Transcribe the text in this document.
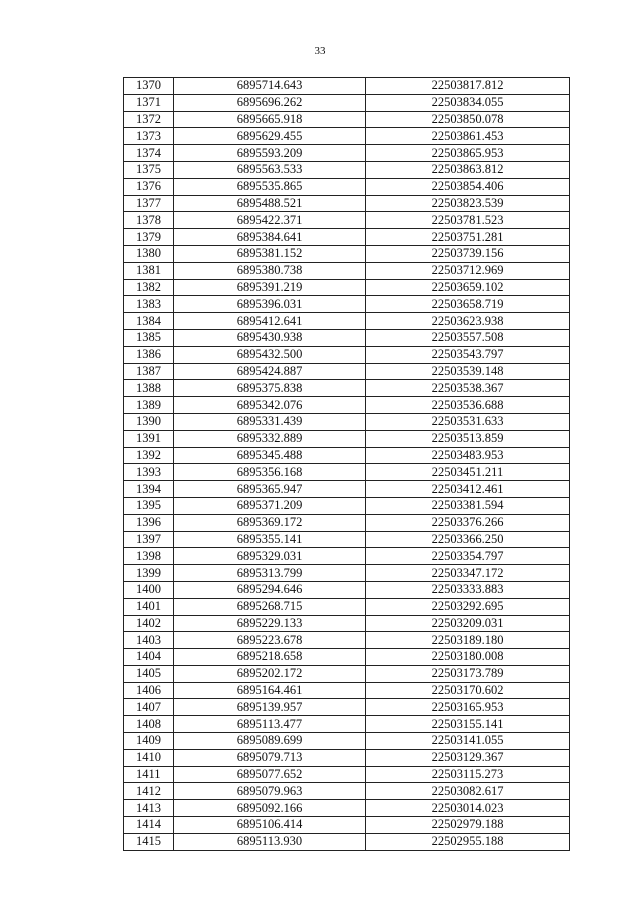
33
1370	6895714.643	22503817.812
1371	6895696.262	22503834.055
1372	6895665.918	22503850.078
1373	6895629.455	22503861.453
1374	6895593.209	22503865.953
1375	6895563.533	22503863.812
1376	6895535.865	22503854.406
1377	6895488.521	22503823.539
1378	6895422.371	22503781.523
1379	6895384.641	22503751.281
1380	6895381.152	22503739.156
1381	6895380.738	22503712.969
1382	6895391.219	22503659.102
1383	6895396.031	22503658.719
1384	6895412.641	22503623.938
1385	6895430.938	22503557.508
1386	6895432.500	22503543.797
1387	6895424.887	22503539.148
1388	6895375.838	22503538.367
1389	6895342.076	22503536.688
1390	6895331.439	22503531.633
1391	6895332.889	22503513.859
1392	6895345.488	22503483.953
1393	6895356.168	22503451.211
1394	6895365.947	22503412.461
1395	6895371.209	22503381.594
1396	6895369.172	22503376.266
1397	6895355.141	22503366.250
1398	6895329.031	22503354.797
1399	6895313.799	22503347.172
1400	6895294.646	22503333.883
1401	6895268.715	22503292.695
1402	6895229.133	22503209.031
1403	6895223.678	22503189.180
1404	6895218.658	22503180.008
1405	6895202.172	22503173.789
1406	6895164.461	22503170.602
1407	6895139.957	22503165.953
1408	6895113.477	22503155.141
1409	6895089.699	22503141.055
1410	6895079.713	22503129.367
1411	6895077.652	22503115.273
1412	6895079.963	22503082.617
1413	6895092.166	22503014.023
1414	6895106.414	22502979.188
1415	6895113.930	22502955.188
